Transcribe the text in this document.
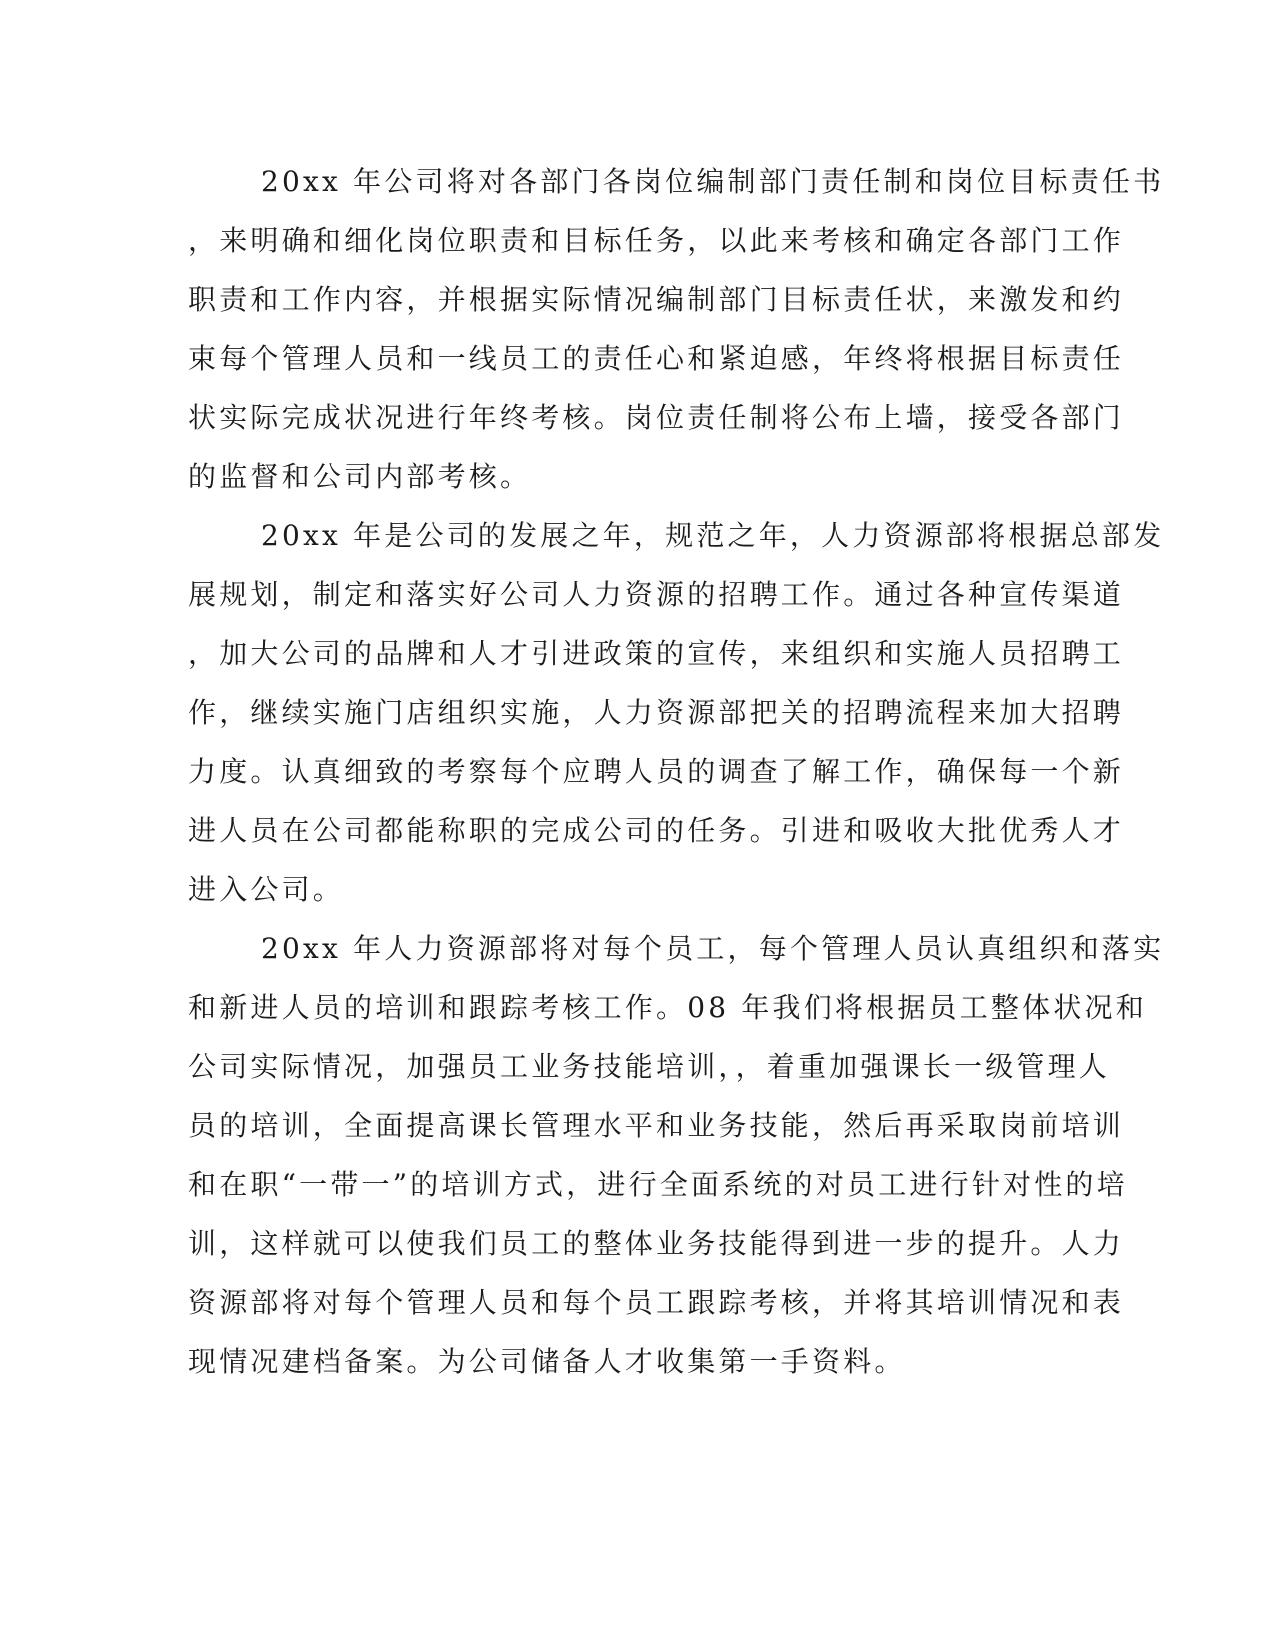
20xx 年公司将对各部门各岗位编制部门责任制和岗位目标责任书
，来明确和细化岗位职责和目标任务，以此来考核和确定各部门工作
职责和工作内容，并根据实际情况编制部门目标责任状，来激发和约
束每个管理人员和一线员工的责任心和紧迫感，年终将根据目标责任
状实际完成状况进行年终考核。岗位责任制将公布上墙，接受各部门
的监督和公司内部考核。
20xx 年是公司的发展之年，规范之年，人力资源部将根据总部发
展规划，制定和落实好公司人力资源的招聘工作。通过各种宣传渠道
，加大公司的品牌和人才引进政策的宣传，来组织和实施人员招聘工
作，继续实施门店组织实施，人力资源部把关的招聘流程来加大招聘
力度。认真细致的考察每个应聘人员的调查了解工作，确保每一个新
进人员在公司都能称职的完成公司的任务。引进和吸收大批优秀人才
进入公司。
20xx 年人力资源部将对每个员工，每个管理人员认真组织和落实
和新进人员的培训和跟踪考核工作。08 年我们将根据员工整体状况和
公司实际情况，加强员工业务技能培训，，着重加强课长一级管理人
员的培训，全面提高课长管理水平和业务技能，然后再采取岗前培训
和在职“一带一”的培训方式，进行全面系统的对员工进行针对性的培
训，这样就可以使我们员工的整体业务技能得到进一步的提升。人力
资源部将对每个管理人员和每个员工跟踪考核，并将其培训情况和表
现情况建档备案。为公司储备人才收集第一手资料。
